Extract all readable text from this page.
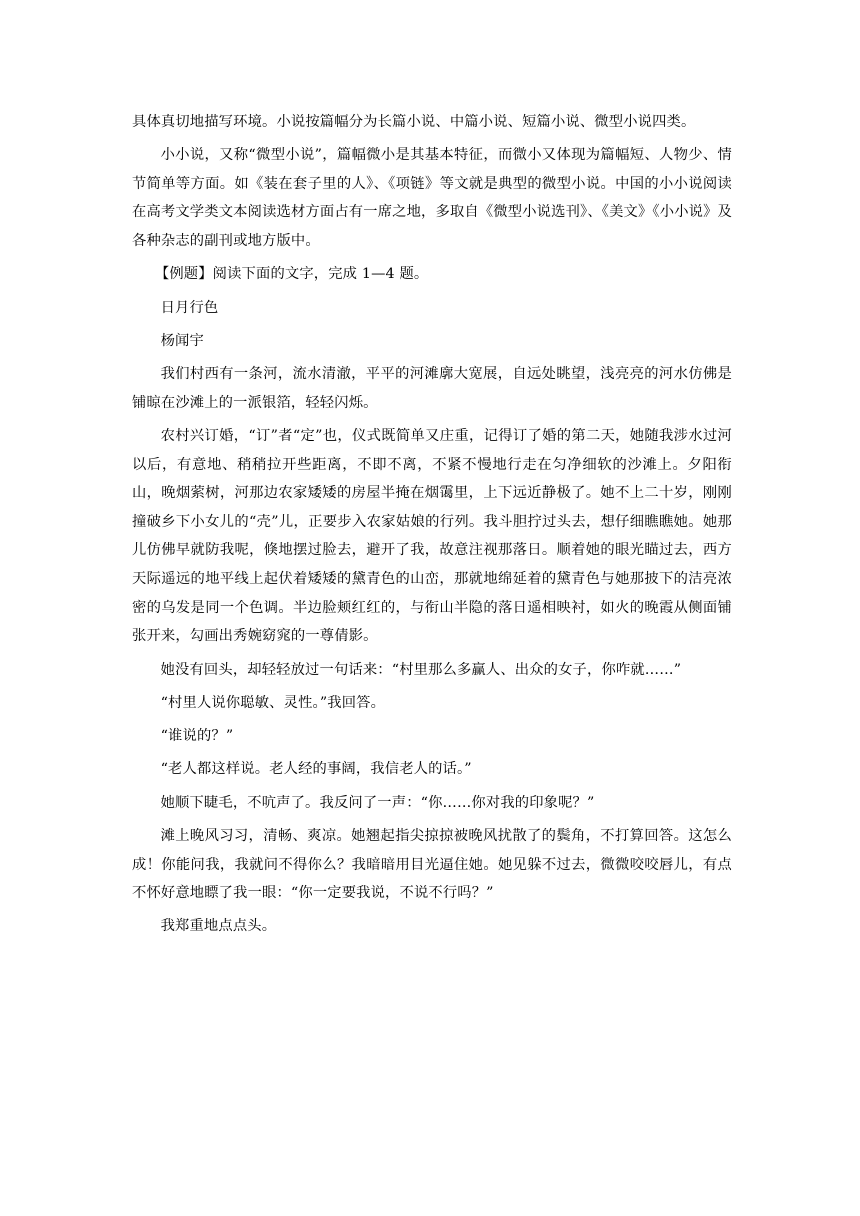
具体真切地描写环境。小说按篇幅分为长篇小说、中篇小说、短篇小说、微型小说四类。

小小说，又称“微型小说”，篇幅微小是其基本特征，而微小又体现为篇幅短、人物少、情节简单等方面。如《装在套子里的人》、《项链》等文就是典型的微型小说。中国的小小说阅读在高考文学类文本阅读选材方面占有一席之地，多取自《微型小说选刊》、《美文》《小小说》及各种杂志的副刊或地方版中。

【例题】阅读下面的文字，完成 1—4 题。

日月行色

杨闻宇

我们村西有一条河，流水清澈，平平的河滩廓大宽展，自远处眺望，浅亮亮的河水仿佛是铺晾在沙滩上的一派银箔，轻轻闪烁。

农村兴订婚，“订”者“定”也，仪式既简单又庄重，记得订了婚的第二天，她随我涉水过河以后，有意地、稍稍拉开些距离，不即不离，不紧不慢地行走在匀净细软的沙滩上。夕阳衔山，晚烟萦树，河那边农家矮矮的房屋半掩在烟霭里，上下远近静极了。她不上二十岁，刚刚撞破乡下小女儿的“壳”儿，正要步入农家姑娘的行列。我斗胆拧过头去，想仔细瞧瞧她。她那儿仿佛早就防我呢，倏地摆过脸去，避开了我，故意注视那落日。顺着她的眼光瞄过去，西方天际遥远的地平线上起伏着矮矮的黛青色的山峦，那就地绵延着的黛青色与她那披下的洁亮浓密的乌发是同一个色调。半边脸颊红红的，与衔山半隐的落日遥相映衬，如火的晚霞从侧面铺张开来，勾画出秀婉窈窕的一尊倩影。

她没有回头，却轻轻放过一句话来：“村里那么多赢人、出众的女子，你咋就……”

“村里人说你聪敏、灵性。”我回答。

“谁说的？”

“老人都这样说。老人经的事阔，我信老人的话。”

她顺下睫毛，不吭声了。我反问了一声：“你……你对我的印象呢？”

滩上晚风习习，清畅、爽凉。她翘起指尖掠掠被晚风扰散了的鬓角，不打算回答。这怎么成！你能问我，我就问不得你么？我暗暗用目光逼住她。她见躲不过去，微微咬咬唇儿，有点不怀好意地瞟了我一眼：“你一定要我说，不说不行吗？”

我郑重地点点头。
